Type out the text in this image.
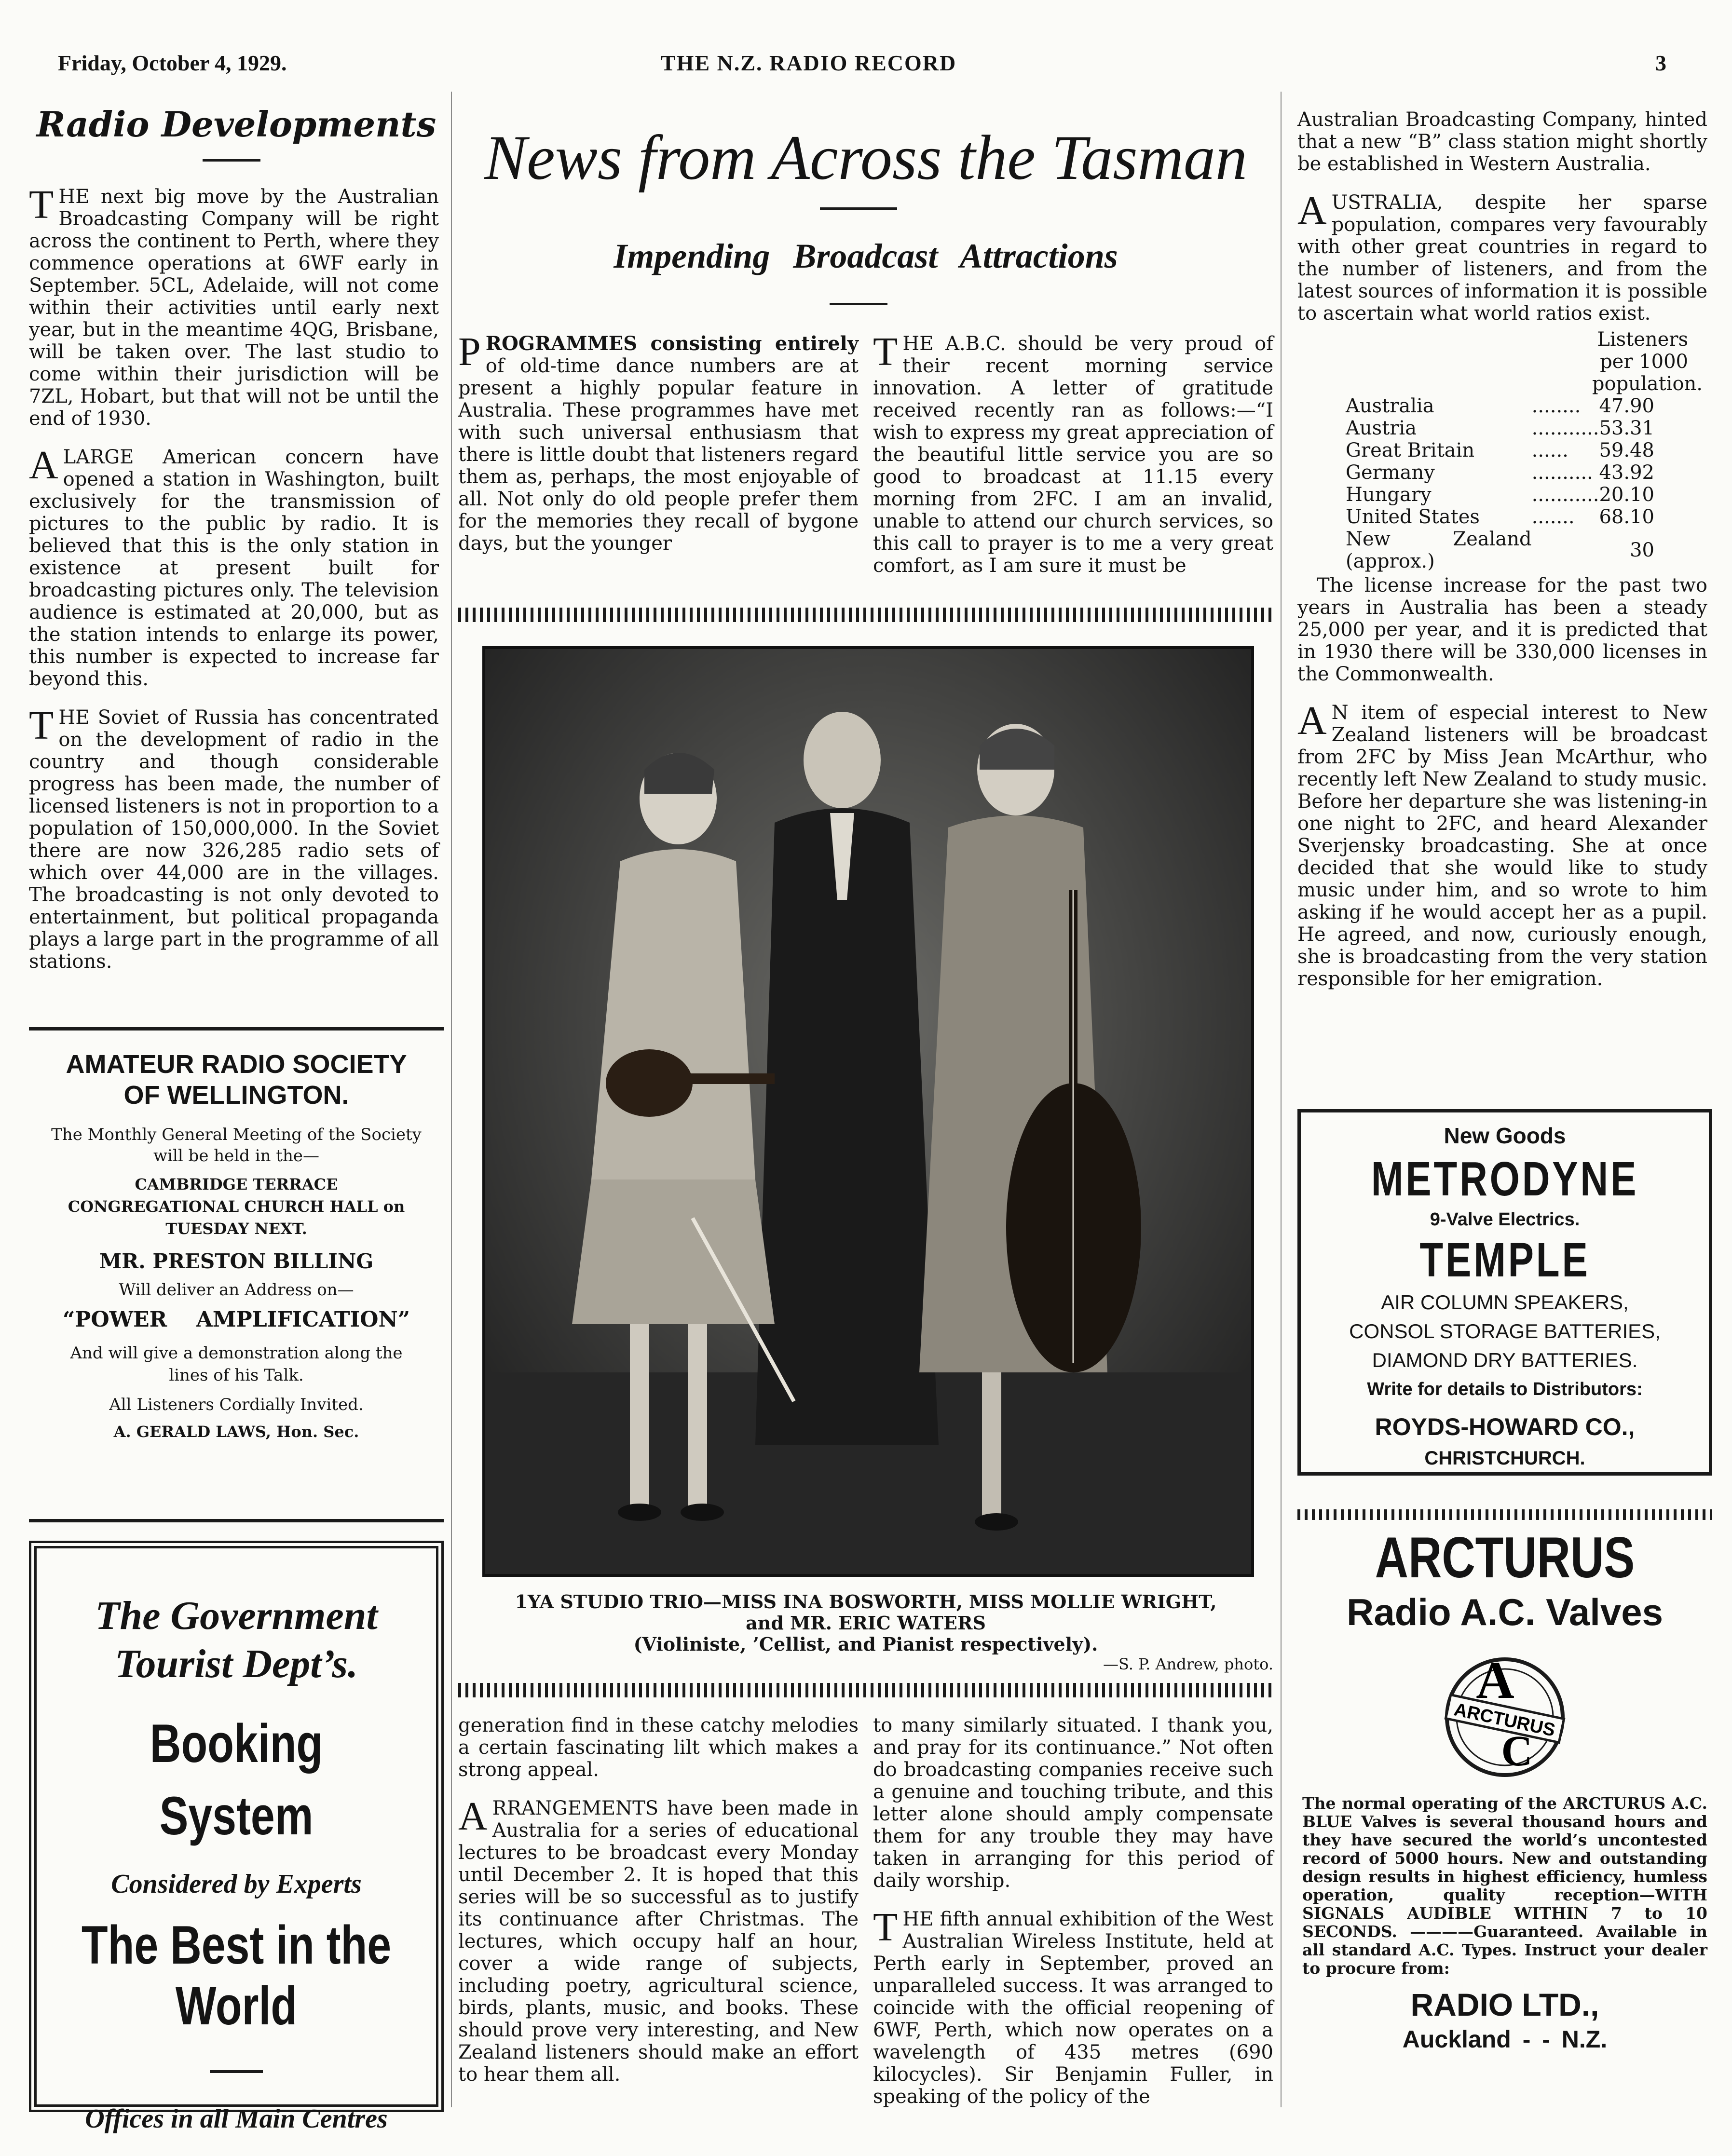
Friday, October 4, 1929.	THE N.Z. RADIO RECORD	3
Radio Developments

THE next big move by the Australian Broadcasting Company will be right across the continent to Perth, where they commence operations at 6WF early in September. 5CL, Adelaide, will not come within their activities until early next year, but in the meantime 4QG, Brisbane, will be taken over. The last studio to come within their jurisdiction will be 7ZL, Hobart, but that will not be until the end of 1930.

A LARGE American concern have opened a station in Washington, built exclusively for the transmission of pictures to the public by radio. It is believed that this is the only station in existence at present built for broadcasting pictures only. The television audience is estimated at 20,000, but as the station intends to enlarge its power, this number is expected to increase far beyond this.

THE Soviet of Russia has concentrated on the development of radio in the country and though considerable progress has been made, the number of licensed listeners is not in proportion to a population of 150,000,000. In the Soviet there are now 326,285 radio sets of which over 44,000 are in the villages. The broadcasting is not only devoted to entertainment, but political propaganda plays a large part in the programme of all stations.

AMATEUR RADIO SOCIETY
OF WELLINGTON.
The Monthly General Meeting of the Society will be held in the—
CAMBRIDGE TERRACE CONGREGATIONAL CHURCH HALL on TUESDAY NEXT.
MR. PRESTON BILLING
Will deliver an Address on—
“POWER AMPLIFICATION”
And will give a demonstration along the lines of his Talk.
All Listeners Cordially Invited.
A. GERALD LAWS, Hon. Sec.
The Government
Tourist Dept’s.
Booking System
Considered by Experts
The Best in the
World
Offices in all Main Centres
News from Across the Tasman
Impending Broadcast Attractions

PROGRAMMES consisting entirely of old-time dance numbers are at present a highly popular feature in Australia. These programmes have met with such universal enthusiasm that there is little doubt that listeners regard them as, perhaps, the most enjoyable of all. Not only do old people prefer them for the memories they recall of bygone days, but the younger

THE A.B.C. should be very proud of their recent morning service innovation. A letter of gratitude received recently ran as follows:—“I wish to express my great appreciation of the beautiful little service you are so good to broadcast at 11.15 every morning from 2FC. I am an invalid, unable to attend our church services, so this call to prayer is to me a very great comfort, as I am sure it must be

1YA STUDIO TRIO—MISS INA BOSWORTH, MISS MOLLIE WRIGHT,
and MR. ERIC WATERS
(Violiniste, ’Cellist, and Pianist respectively).
—S. P. Andrew, photo.

generation find in these catchy melodies a certain fascinating lilt which makes a strong appeal.

ARRANGEMENTS have been made in Australia for a series of educational lectures to be broadcast every Monday until December 2. It is hoped that this series will be so successful as to justify its continuance after Christmas. The lectures, which occupy half an hour, cover a wide range of subjects, including poetry, agricultural science, birds, plants, music, and books. These should prove very interesting, and New Zealand listeners should make an effort to hear them all.

to many similarly situated. I thank you, and pray for its continuance.” Not often do broadcasting companies receive such a genuine and touching tribute, and this letter alone should amply compensate them for any trouble they may have taken in arranging for this period of daily worship.

THE fifth annual exhibition of the West Australian Wireless Institute, held at Perth early in September, proved an unparalleled success. It was arranged to coincide with the official reopening of 6WF, Perth, which now operates on a wavelength of 435 metres (690 kilocycles). Sir Benjamin Fuller, in speaking of the policy of the

Australian Broadcasting Company, hinted that a new “B” class station might shortly be established in Western Australia.

AUSTRALIA, despite her sparse population, compares very favourably with other great countries in regard to the number of listeners, and from the latest sources of information it is possible to ascertain what world ratios exist.

Listeners
per 1000
population.
Australia	........	47.90
Austria	...........	53.31
Great Britain	......	59.48
Germany	..........	43.92
Hungary	...........	20.10
United States	.......	68.10
New Zealand (approx.)		30

The license increase for the past two years in Australia has been a steady 25,000 per year, and it is predicted that in 1930 there will be 330,000 licenses in the Commonwealth.

A N item of especial interest to New Zealand listeners will be broadcast from 2FC by Miss Jean McArthur, who recently left New Zealand to study music. Before her departure she was listening-in one night to 2FC, and heard Alexander Sverjensky broadcasting. She at once decided that she would like to study music under him, and so wrote to him asking if he would accept her as a pupil. He agreed, and now, curiously enough, she is broadcasting from the very station responsible for her emigration.

New Goods
METRODYNE
9-Valve Electrics.
TEMPLE
AIR COLUMN SPEAKERS,
CONSOL STORAGE BATTERIES,
DIAMOND DRY BATTERIES.
Write for details to Distributors:
ROYDS-HOWARD CO.,
CHRISTCHURCH.
ARCTURUS
Radio A.C. Valves
A
ARCTURUS
C
The normal operating of the ARCTURUS A.C. BLUE Valves is several thousand hours and they have secured the world’s uncontested record of 5000 hours. New and outstanding design results in highest efficiency, humless operation, quality reception—WITH SIGNALS AUDIBLE WITHIN 7 to 10 SECONDS. ————Guaranteed. Available in all standard A.C. Types. Instruct your dealer to procure from:
RADIO LTD.,
Auckland - - N.Z.
